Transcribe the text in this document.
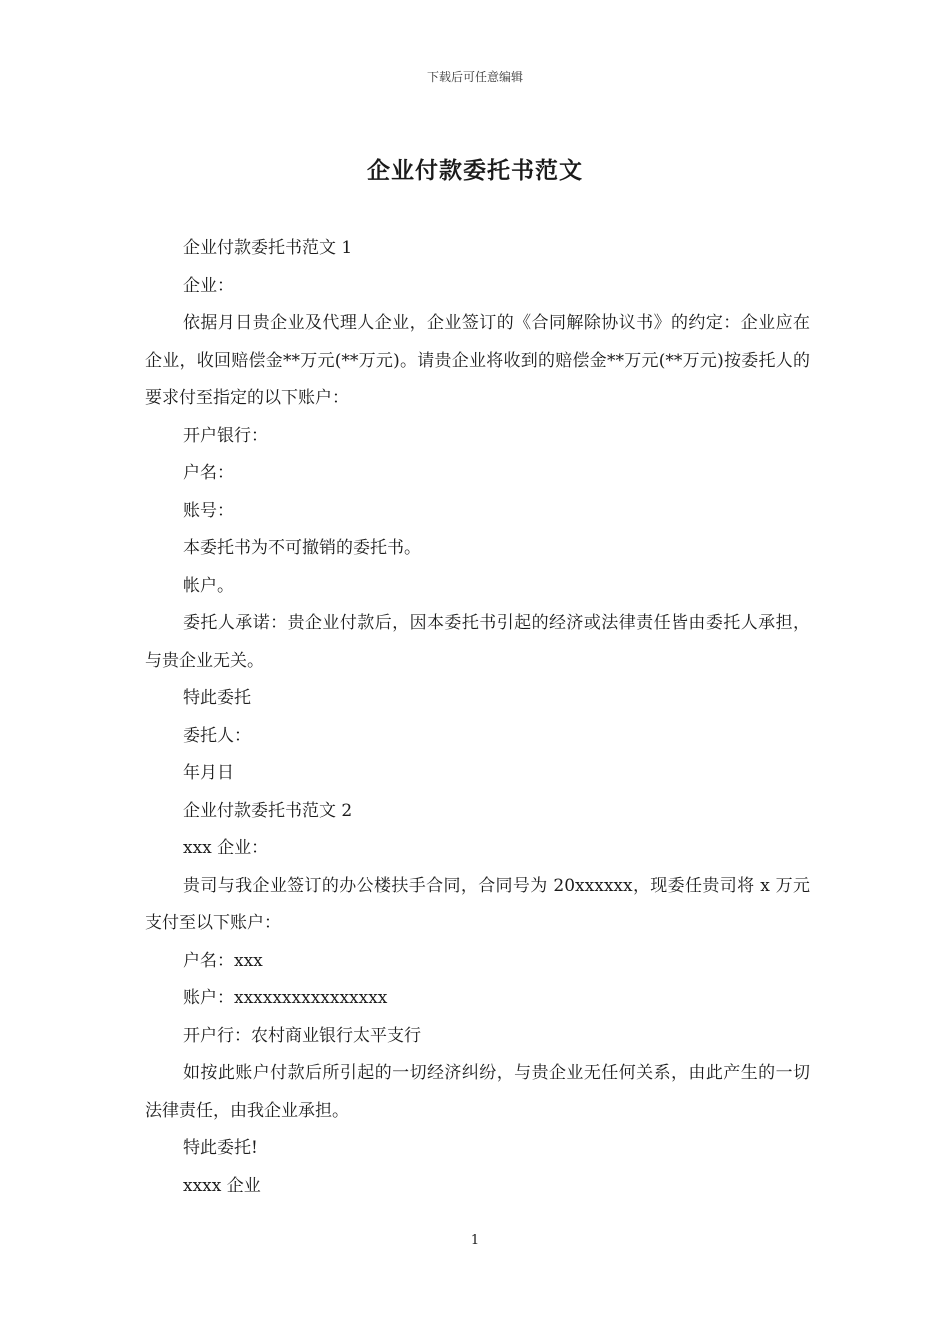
下载后可任意编辑
企业付款委托书范文

企业付款委托书范文 1

企业：

依据月日贵企业及代理人企业，企业签订的《合同解除协议书》的约定：企业应在企业，收回赔偿金**万元(**万元)。请贵企业将收到的赔偿金**万元(**万元)按委托人的要求付至指定的以下账户：

开户银行：

户名：

账号：

本委托书为不可撤销的委托书。

帐户。

委托人承诺：贵企业付款后，因本委托书引起的经济或法律责任皆由委托人承担，与贵企业无关。

特此委托

委托人：

年月日

企业付款委托书范文 2

xxx 企业：

贵司与我企业签订的办公楼扶手合同，合同号为 20xxxxxx，现委任贵司将 x 万元支付至以下账户：

户名：xxx

账户：xxxxxxxxxxxxxxxx

开户行：农村商业银行太平支行

如按此账户付款后所引起的一切经济纠纷，与贵企业无任何关系，由此产生的一切法律责任，由我企业承担。

特此委托!

xxxx 企业

1
